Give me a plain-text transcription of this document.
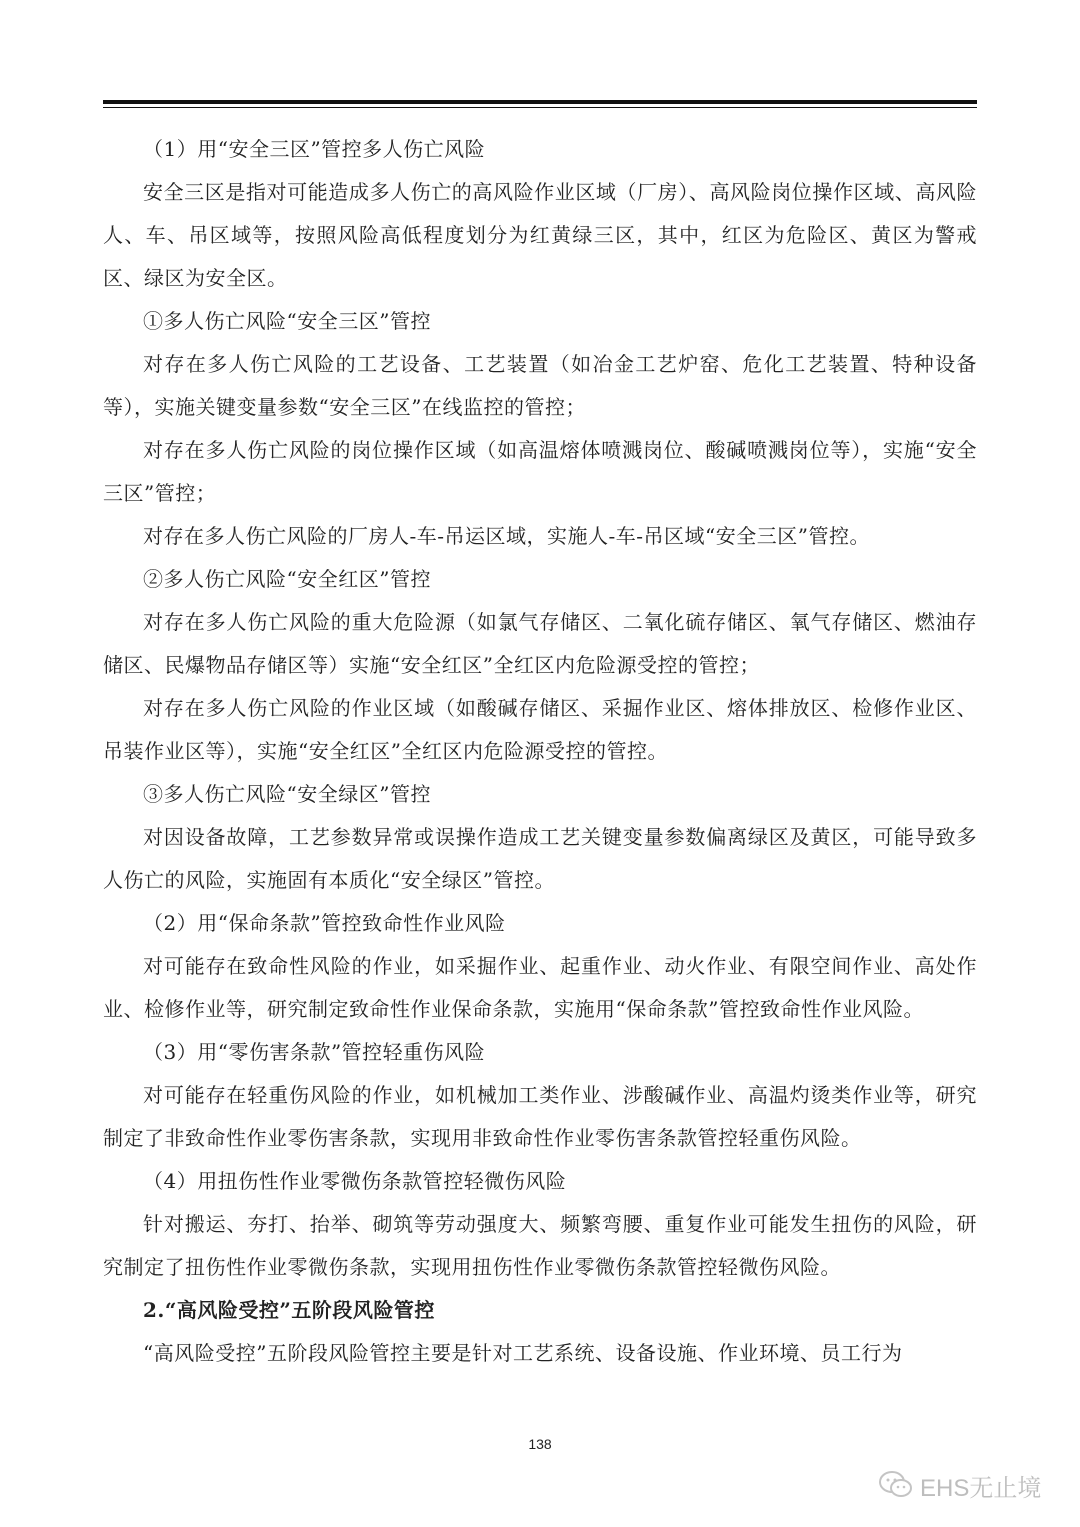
（1）用“安全三区”管控多人伤亡风险

安全三区是指对可能造成多人伤亡的高风险作业区域（厂房）、高风险岗位操作区域、高风险人、车、吊区域等，按照风险高低程度划分为红黄绿三区，其中，红区为危险区、黄区为警戒区、绿区为安全区。

①多人伤亡风险“安全三区”管控

对存在多人伤亡风险的工艺设备、工艺装置（如冶金工艺炉窑、危化工艺装置、特种设备等），实施关键变量参数“安全三区”在线监控的管控；

对存在多人伤亡风险的岗位操作区域（如高温熔体喷溅岗位、酸碱喷溅岗位等），实施“安全三区”管控；

对存在多人伤亡风险的厂房人-车-吊运区域，实施人-车-吊区域“安全三区”管控。

②多人伤亡风险“安全红区”管控

对存在多人伤亡风险的重大危险源（如氯气存储区、二氧化硫存储区、氧气存储区、燃油存储区、民爆物品存储区等）实施“安全红区”全红区内危险源受控的管控；

对存在多人伤亡风险的作业区域（如酸碱存储区、采掘作业区、熔体排放区、检修作业区、吊装作业区等），实施“安全红区”全红区内危险源受控的管控。

③多人伤亡风险“安全绿区”管控

对因设备故障，工艺参数异常或误操作造成工艺关键变量参数偏离绿区及黄区，可能导致多人伤亡的风险，实施固有本质化“安全绿区”管控。

（2）用“保命条款”管控致命性作业风险

对可能存在致命性风险的作业，如采掘作业、起重作业、动火作业、有限空间作业、高处作业、检修作业等，研究制定致命性作业保命条款，实施用“保命条款”管控致命性作业风险。

（3）用“零伤害条款”管控轻重伤风险

对可能存在轻重伤风险的作业，如机械加工类作业、涉酸碱作业、高温灼烫类作业等，研究制定了非致命性作业零伤害条款，实现用非致命性作业零伤害条款管控轻重伤风险。

（4）用扭伤性作业零微伤条款管控轻微伤风险

针对搬运、夯打、抬举、砌筑等劳动强度大、频繁弯腰、重复作业可能发生扭伤的风险，研究制定了扭伤性作业零微伤条款，实现用扭伤性作业零微伤条款管控轻微伤风险。

2.“高风险受控”五阶段风险管控

“高风险受控”五阶段风险管控主要是针对工艺系统、设备设施、作业环境、员工行为

138
EHS无止境
